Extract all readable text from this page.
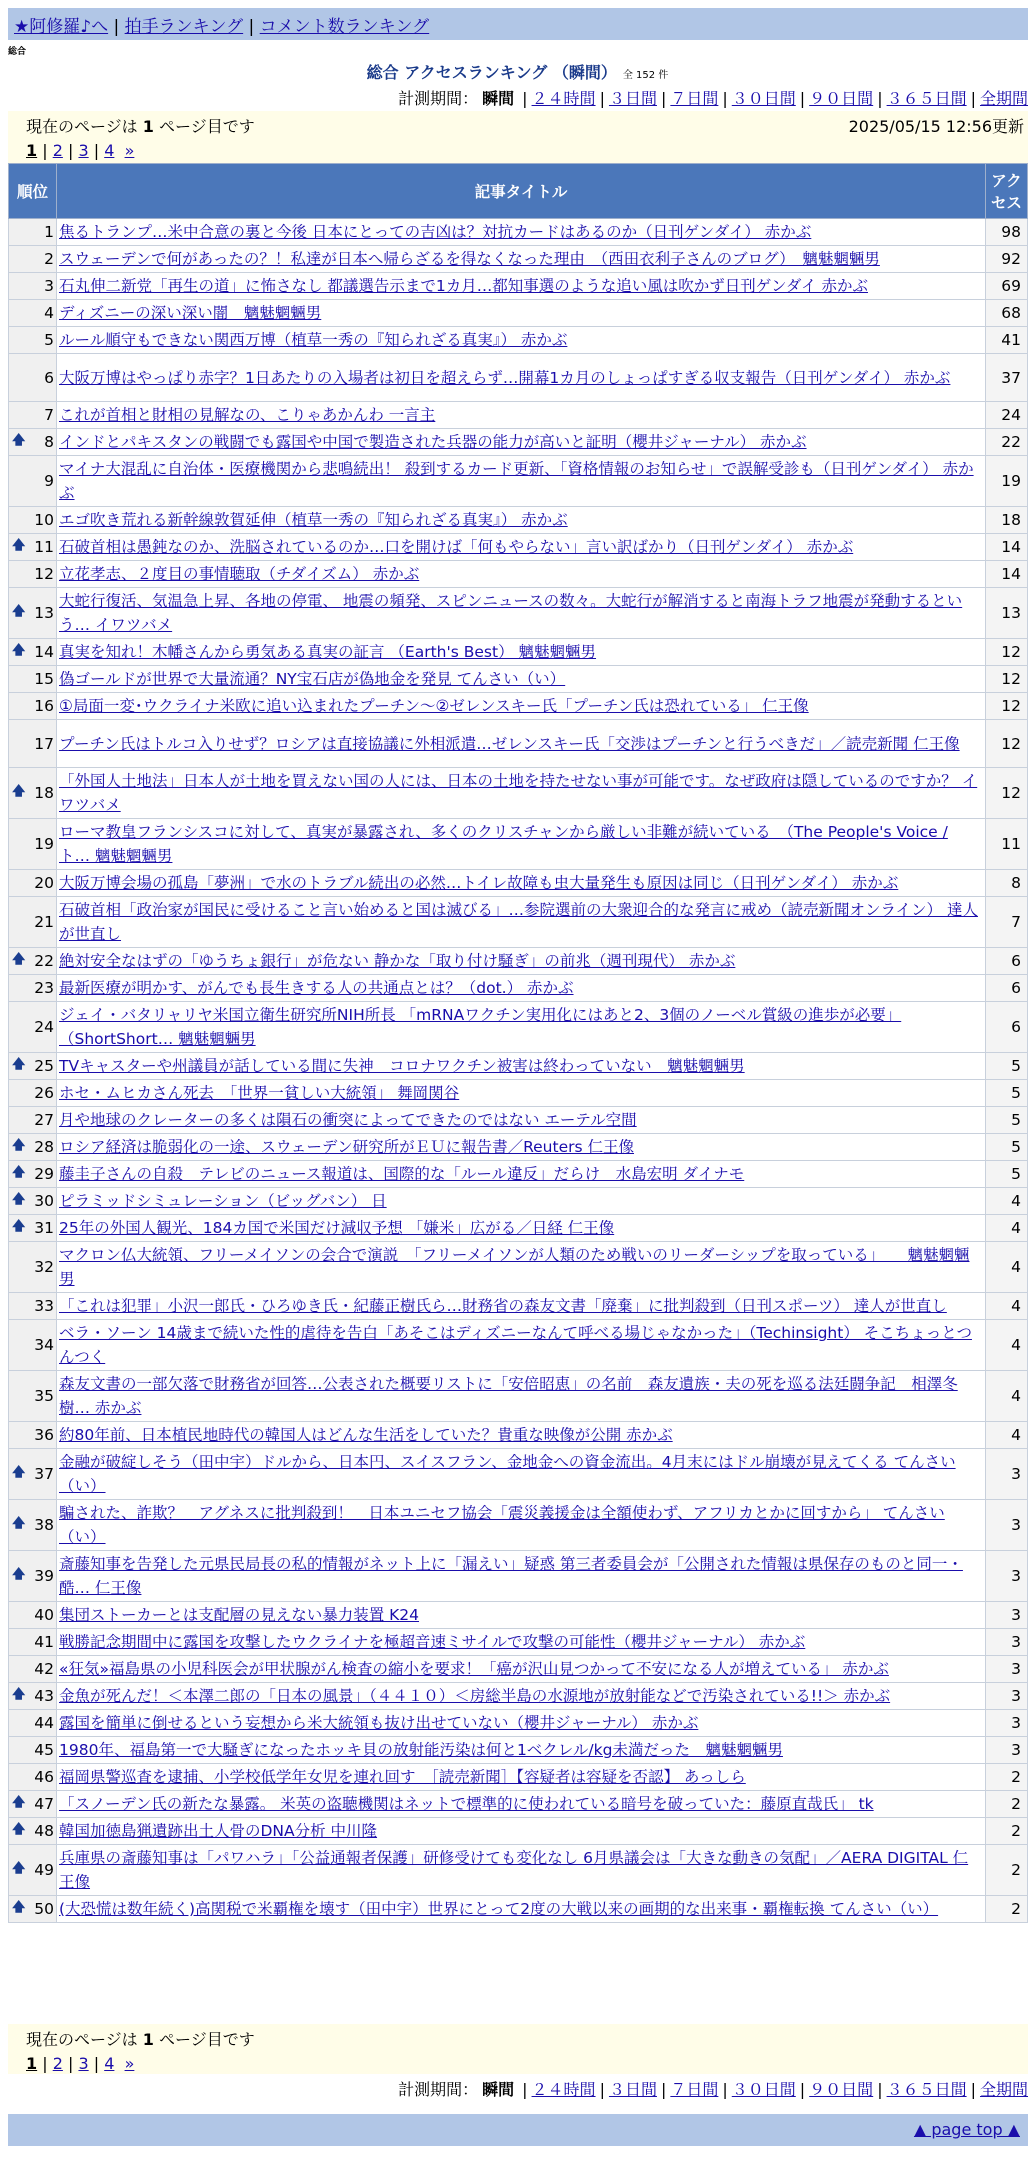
★阿修羅♪へ | 拍手ランキング | コメント数ランキング
総合
総合 アクセスランキング （瞬間） 全 152 件
計測期間： 瞬間 | ２４時間 | ３日間 | ７日間 | ３０日間 | ９０日間 | ３６５日間 | 全期間
現在のページは 1 ページ目です	2025/05/15 12:56更新
1 | 2 | 3 | 4 »
順位	記事タイトル	アクセス
1	焦るトランプ…米中合意の裏と今後 日本にとっての吉凶は？対抗カードはあるのか（日刊ゲンダイ） 赤かぶ	98
2	スウェーデンで何があったの？！私達が日本へ帰らざるを得なくなった理由　（西田衣利子さんのブログ）　魑魅魍魎男	92
3	石丸伸二新党「再生の道」に怖さなし 都議選告示まで1カ月…都知事選のような追い風は吹かず日刊ゲンダイ 赤かぶ	69
4	ディズニーの深い深い闇　魑魅魍魎男	68
5	ルール順守もできない関西万博（植草一秀の『知られざる真実』） 赤かぶ	41
6	大阪万博はやっぱり赤字？1日あたりの入場者は初日を超えらず…開幕1カ月のしょっぱすぎる収支報告（日刊ゲンダイ） 赤かぶ	37
7	これが首相と財相の見解なの、こりゃあかんわ 一言主	24

🡅 8	インドとパキスタンの戦闘でも露国や中国で製造された兵器の能力が高いと証明（櫻井ジャーナル） 赤かぶ	22
9	マイナ大混乱に自治体・医療機関から悲鳴続出！ 殺到するカード更新、「資格情報のお知らせ」で誤解受診も（日刊ゲンダイ） 赤かぶ	19
10	エゴ吹き荒れる新幹線敦賀延伸（植草一秀の『知られざる真実』） 赤かぶ	18

🡅 11	石破首相は愚鈍なのか、洗脳されているのか…口を開けば「何もやらない」言い訳ばかり（日刊ゲンダイ） 赤かぶ	14
12	立花孝志、２度目の事情聴取（チダイズム） 赤かぶ	14

🡅 13	大蛇行復活、気温急上昇、各地の停電、 地震の頻発、スピンニュースの数々。大蛇行が解消すると南海トラフ地震が発動するという… イワツバメ	13

🡅 14	真実を知れ！木幡さんから勇気ある真実の証言 （Earth's Best） 魑魅魍魎男	12
15	偽ゴールドが世界で大量流通？NY宝石店が偽地金を発見 てんさい（い）	12
16	①局面一変･ウクライナ米欧に追い込まれたプーチン～②ゼレンスキー氏「プーチン氏は恐れている」 仁王像	12
17	プーチン氏はトルコ入りせず？ロシアは直接協議に外相派遣…ゼレンスキー氏「交渉はプーチンと行うべきだ」／読売新聞 仁王像	12

🡅 18	「外国人土地法」日本人が土地を買えない国の人には、日本の土地を持たせない事が可能です。なぜ政府は隠しているのですか？ イワツバメ	12
19	ローマ教皇フランシスコに対して、真実が暴露され、多くのクリスチャンから厳しい非難が続いている　（The People's Voice / ト… 魑魅魍魎男	11
20	大阪万博会場の孤島「夢洲」で水のトラブル続出の必然…トイレ故障も虫大量発生も原因は同じ（日刊ゲンダイ） 赤かぶ	8
21	石破首相「政治家が国民に受けること言い始めると国は滅びる」…参院選前の大衆迎合的な発言に戒め（読売新聞オンライン） 達人が世直し	7

🡅 22	絶対安全なはずの「ゆうちょ銀行」が危ない 静かな「取り付け騒ぎ」の前兆（週刊現代） 赤かぶ	6
23	最新医療が明かす、がんでも長生きする人の共通点とは？（dot.） 赤かぶ	6
24	ジェイ・バタリャリヤ米国立衛生研究所NIH所長 「mRNAワクチン実用化にはあと2、3個のノーベル賞級の進歩が必要」（ShortShort… 魑魅魍魎男	6

🡅 25	TVキャスターや州議員が話している間に失神　コロナワクチン被害は終わっていない　魑魅魍魎男	5
26	ホセ・ムヒカさん死去　「世界一貧しい大統領」 舞岡関谷	5
27	月や地球のクレーターの多くは隕石の衝突によってできたのではない エーテル空間	5

🡅 28	ロシア経済は脆弱化の一途、スウェーデン研究所がＥＵに報告書／Reuters 仁王像	5

🡅 29	藤圭子さんの自殺　テレビのニュース報道は、国際的な「ルール違反」だらけ　水島宏明 ダイナモ	5

🡅 30	ピラミッドシミュレーション（ビッグバン） 日	4

🡅 31	25年の外国人観光、184カ国で米国だけ減収予想 「嫌米」広がる／日経 仁王像	4
32	マクロン仏大統領、フリーメイソンの会合で演説　「フリーメイソンが人類のため戦いのリーダーシップを取っている」　　魑魅魍魎男	4
33	「これは犯罪」小沢一郎氏・ひろゆき氏・紀藤正樹氏ら…財務省の森友文書「廃棄」に批判殺到（日刊スポーツ） 達人が世直し	4
34	ベラ・ソーン 14歳まで続いた性的虐待を告白「あそこはディズニーなんて呼べる場じゃなかった」（Techinsight） そこちょっとつんつく	4
35	森友文書の一部欠落で財務省が回答…公表された概要リストに「安倍昭恵」の名前　森友遺族・夫の死を巡る法廷闘争記　相澤冬樹… 赤かぶ	4
36	約80年前、日本植民地時代の韓国人はどんな生活をしていた？貴重な映像が公開 赤かぶ	4

🡅 37	金融が破綻しそう（田中宇）ドルから、日本円、スイスフラン、金地金への資金流出。4月末にはドル崩壊が見えてくる てんさい（い）	3

🡅 38	騙された、詐欺？　アグネスに批判殺到！　日本ユニセフ協会「震災義援金は全額使わず、アフリカとかに回すから」 てんさい（い）	3

🡅 39	斎藤知事を告発した元県民局長の私的情報がネット上に「漏えい」疑惑 第三者委員会が「公開された情報は県保存のものと同一・酷… 仁王像	3
40	集団ストーカーとは支配層の見えない暴力装置 K24	3
41	戦勝記念期間中に露国を攻撃したウクライナを極超音速ミサイルで攻撃の可能性（櫻井ジャーナル） 赤かぶ	3
42	«狂気»福島県の小児科医会が甲状腺がん検査の縮小を要求！「癌が沢山見つかって不安になる人が増えている」 赤かぶ	3

🡅 43	金魚が死んだ！＜本澤二郎の「日本の風景」（４４１０）＜房総半島の水源地が放射能などで汚染されている!!＞ 赤かぶ	3
44	露国を簡単に倒せるという妄想から米大統領も抜け出せていない（櫻井ジャーナル） 赤かぶ	3
45	1980年、福島第一で大騒ぎになったホッキ貝の放射能汚染は何と1ベクレル/kg未満だった　魑魅魍魎男	3
46	福岡県警巡査を逮捕、小学校低学年女児を連れ回す　［読売新聞］【容疑者は容疑を否認】 あっしら	2

🡅 47	「スノーデン氏の新たな暴露。 米英の盗聴機関はネットで標準的に使われている暗号を破っていた：藤原直哉氏」 tk	2

🡅 48	韓国加徳島猟遺跡出土人骨のDNA分析 中川隆	2

🡅 49	兵庫県の斎藤知事は「パワハラ」「公益通報者保護」研修受けても変化なし 6月県議会は「大きな動きの気配」／AERA DIGITAL 仁王像	2

🡅 50	(大恐慌は数年続く)高関税で米覇権を壊す（田中宇）世界にとって2度の大戦以来の画期的な出来事・覇権転換 てんさい（い）	2
現在のページは 1 ページ目です
1 | 2 | 3 | 4 »
計測期間： 瞬間 | ２４時間 | ３日間 | ７日間 | ３０日間 | ９０日間 | ３６５日間 | 全期間
▲ page top ▲
